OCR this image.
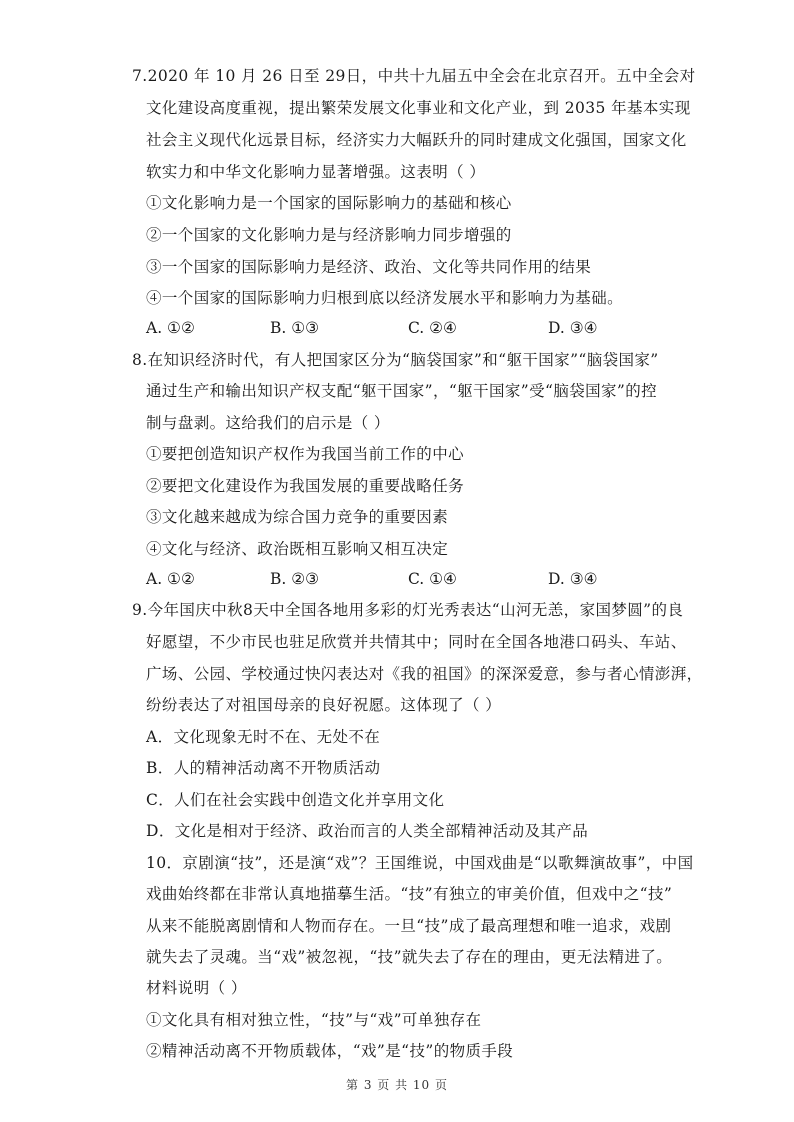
7.2020 年 10 月 26 日至 29日，中共十九届五中全会在北京召开。五中全会对
文化建设高度重视，提出繁荣发展文化事业和文化产业，到 2035 年基本实现
社会主义现代化远景目标，经济实力大幅跃升的同时建成文化强国，国家文化
软实力和中华文化影响力显著增强。这表明（ ）
①文化影响力是一个国家的国际影响力的基础和核心
②一个国家的文化影响力是与经济影响力同步增强的
③一个国家的国际影响力是经济、政治、文化等共同作用的结果
④一个国家的国际影响力归根到底以经济发展水平和影响力为基础。
A. ①②	B. ①③	C. ②④	D. ③④
8.在知识经济时代，有人把国家区分为“脑袋国家”和“躯干国家”“脑袋国家”
通过生产和输出知识产权支配“躯干国家”，“躯干国家”受“脑袋国家”的控
制与盘剥。这给我们的启示是（ ）
①要把创造知识产权作为我国当前工作的中心
②要把文化建设作为我国发展的重要战略任务
③文化越来越成为综合国力竞争的重要因素
④文化与经济、政治既相互影响又相互决定
A. ①②	B. ②③	C. ①④	D. ③④
9.今年国庆中秋8天中全国各地用多彩的灯光秀表达“山河无恙，家国梦圆”的良
好愿望，不少市民也驻足欣赏并共情其中；同时在全国各地港口码头、车站、
广场、公园、学校通过快闪表达对《我的祖国》的深深爱意，参与者心情澎湃，
纷纷表达了对祖国母亲的良好祝愿。这体现了（ ）
A．文化现象无时不在、无处不在
B．人的精神活动离不开物质活动
C．人们在社会实践中创造文化并享用文化
D．文化是相对于经济、政治而言的人类全部精神活动及其产品
10．京剧演“技”，还是演“戏”？王国维说，中国戏曲是“以歌舞演故事”，中国
戏曲始终都在非常认真地描摹生活。“技”有独立的审美价值，但戏中之“技”
从来不能脱离剧情和人物而存在。一旦“技”成了最高理想和唯一追求，戏剧
就失去了灵魂。当“戏”被忽视，“技”就失去了存在的理由，更无法精进了。
材料说明（ ）
①文化具有相对独立性，“技”与“戏”可单独存在
②精神活动离不开物质载体，“戏”是“技”的物质手段
第 3 页 共 10 页
